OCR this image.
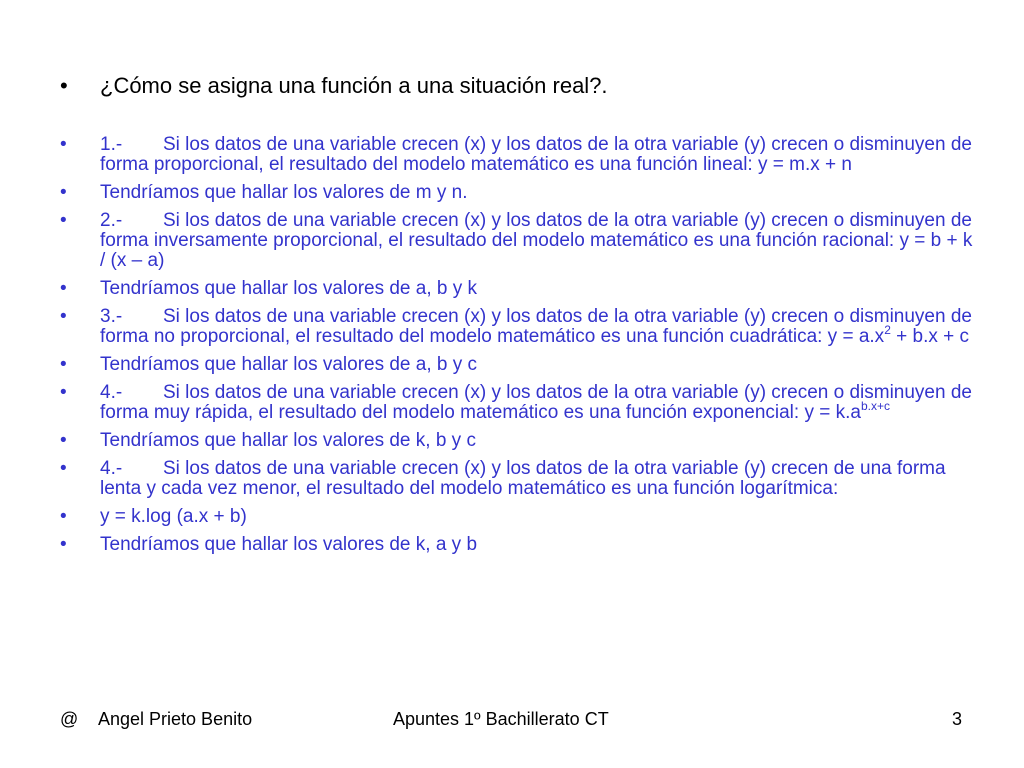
•	¿Cómo se asigna una función a una situación real?.
•	1.- Si los datos de una variable crecen (x) y los datos de la otra variable (y) crecen o disminuyen de forma proporcional, el resultado del modelo matemático es una función lineal: y = m.x + n
•	Tendríamos que hallar los valores de m y n.
•	2.- Si los datos de una variable crecen (x) y los datos de la otra variable (y) crecen o disminuyen de forma inversamente proporcional, el resultado del modelo matemático es una función racional: y = b + k / (x – a)
•	Tendríamos que hallar los valores de a, b y k
•	3.- Si los datos de una variable crecen (x) y los datos de la otra variable (y) crecen o disminuyen de forma no proporcional, el resultado del modelo matemático es una función cuadrática: $y = a.x^2 + b.x + c$
•	Tendríamos que hallar los valores de a, b y c
•	4.- Si los datos de una variable crecen (x) y los datos de la otra variable (y) crecen o disminuyen de forma muy rápida, el resultado del modelo matemático es una función exponencial: $y = k.a^{b.x+c}$
•	Tendríamos que hallar los valores de k, b y c
•	4.- Si los datos de una variable crecen (x) y los datos de la otra variable (y) crecen de una forma lenta y cada vez menor, el resultado del modelo matemático es una función logarítmica:
•	y = k.log (a.x + b)
•	Tendríamos que hallar los valores de k, a y b
@ Angel Prieto Benito	Apuntes 1º Bachillerato CT	3
